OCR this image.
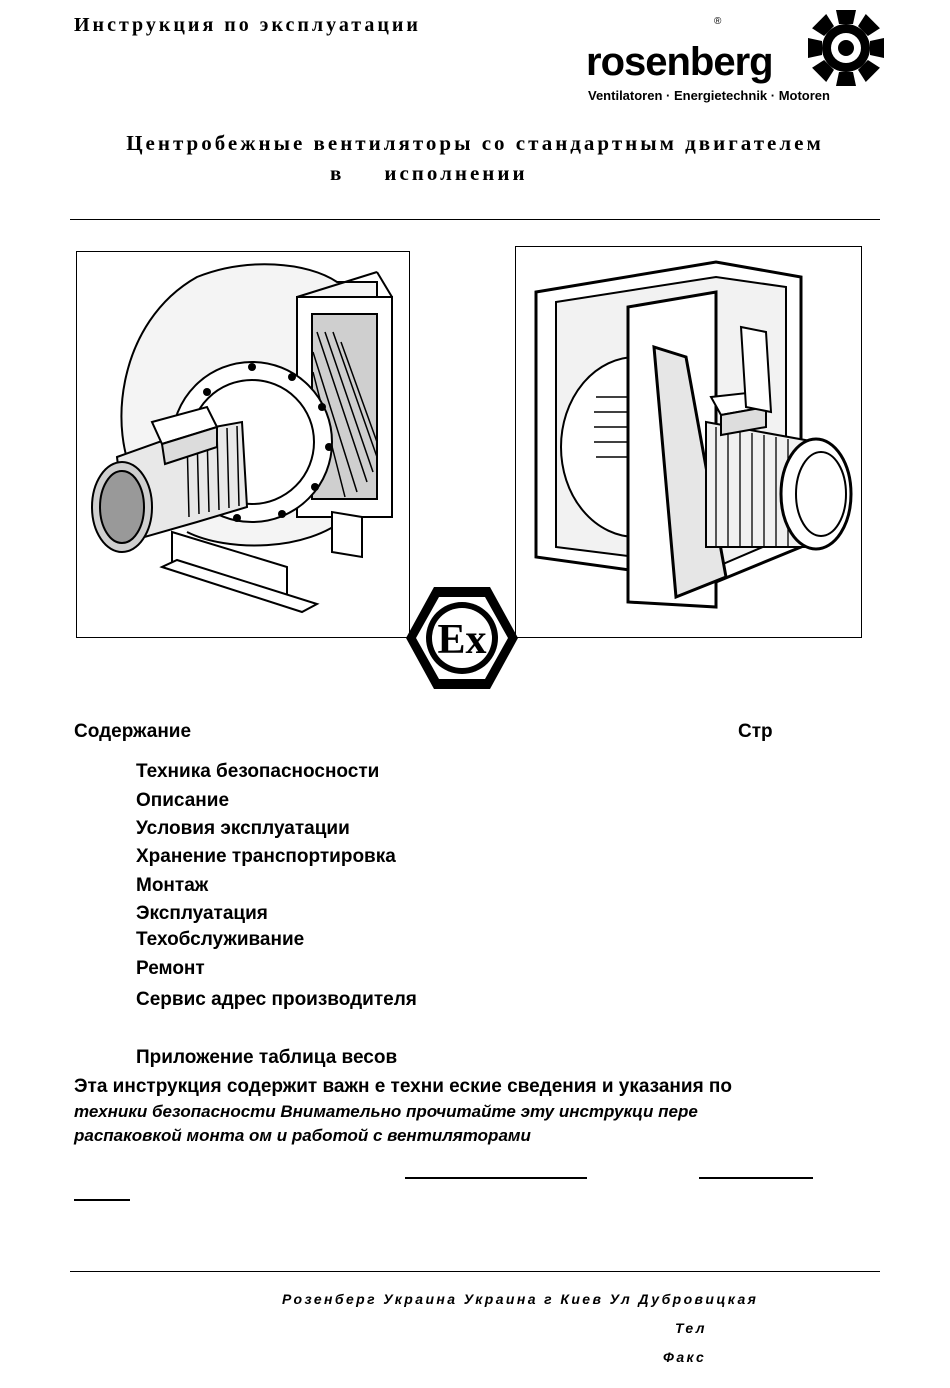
Инструкция по эксплуатации
rosenberg
®
Ventilatoren · Energietechnik · Motoren
Центробежные вентиляторы со стандартным двигателем
в исполнении
Ex
Содержание	Стр
Техника безопасносности
Описание
Условия эксплуатации
Хранение транспортировка
Монтаж
Эксплуатация
Техобслуживание
Ремонт
Сервис адрес производителя
Приложение таблица весов
Эта инструкция содержит важн е техни еские сведения и указания по
техники безопасности Внимательно прочитайте эту инструкци пере
распаковкой монта ом и работой с вентиляторами
Розенберг Украина Украина г Киев Ул Дубровицкая
Тел
Факс
